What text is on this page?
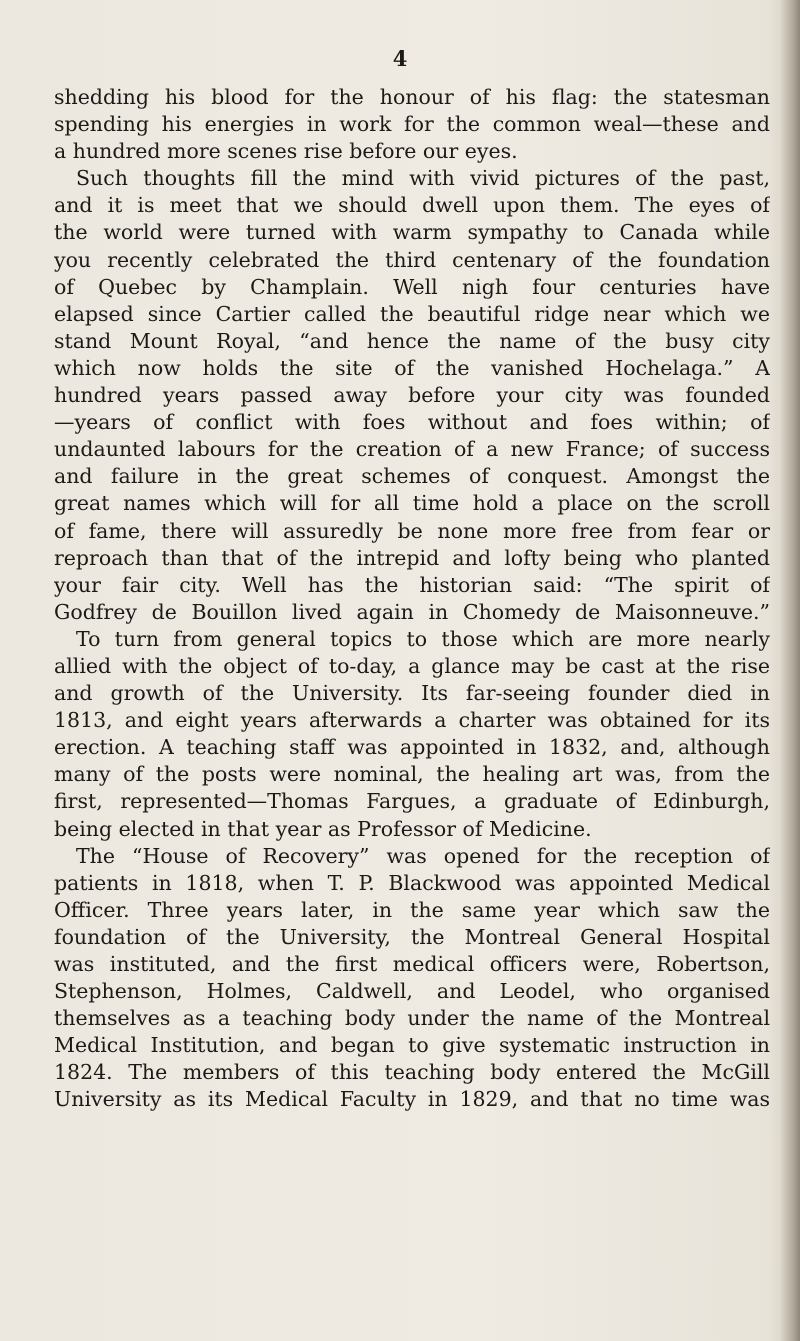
4
shedding his blood for the honour of his flag: the statesman
spending his energies in work for the common weal—these and
a hundred more scenes rise before our eyes.
Such thoughts fill the mind with vivid pictures of the past,
and it is meet that we should dwell upon them. The eyes of
the world were turned with warm sympathy to Canada while
you recently celebrated the third centenary of the foundation
of Quebec by Champlain. Well nigh four centuries have
elapsed since Cartier called the beautiful ridge near which we
stand Mount Royal, “and hence the name of the busy city
which now holds the site of the vanished Hochelaga.” A
hundred years passed away before your city was founded
—years of conflict with foes without and foes within; of
undaunted labours for the creation of a new France; of success
and failure in the great schemes of conquest. Amongst the
great names which will for all time hold a place on the scroll
of fame, there will assuredly be none more free from fear or
reproach than that of the intrepid and lofty being who planted
your fair city. Well has the historian said: “The spirit of
Godfrey de Bouillon lived again in Chomedy de Maisonneuve.”
To turn from general topics to those which are more nearly
allied with the object of to-day, a glance may be cast at the rise
and growth of the University. Its far-seeing founder died in
1813, and eight years afterwards a charter was obtained for its
erection. A teaching staff was appointed in 1832, and, although
many of the posts were nominal, the healing art was, from the
first, represented—Thomas Fargues, a graduate of Edinburgh,
being elected in that year as Professor of Medicine.
The “House of Recovery” was opened for the reception of
patients in 1818, when T. P. Blackwood was appointed Medical
Officer. Three years later, in the same year which saw the
foundation of the University, the Montreal General Hospital
was instituted, and the first medical officers were, Robertson,
Stephenson, Holmes, Caldwell, and Leodel, who organised
themselves as a teaching body under the name of the Montreal
Medical Institution, and began to give systematic instruction in
1824. The members of this teaching body entered the McGill
University as its Medical Faculty in 1829, and that no time was
